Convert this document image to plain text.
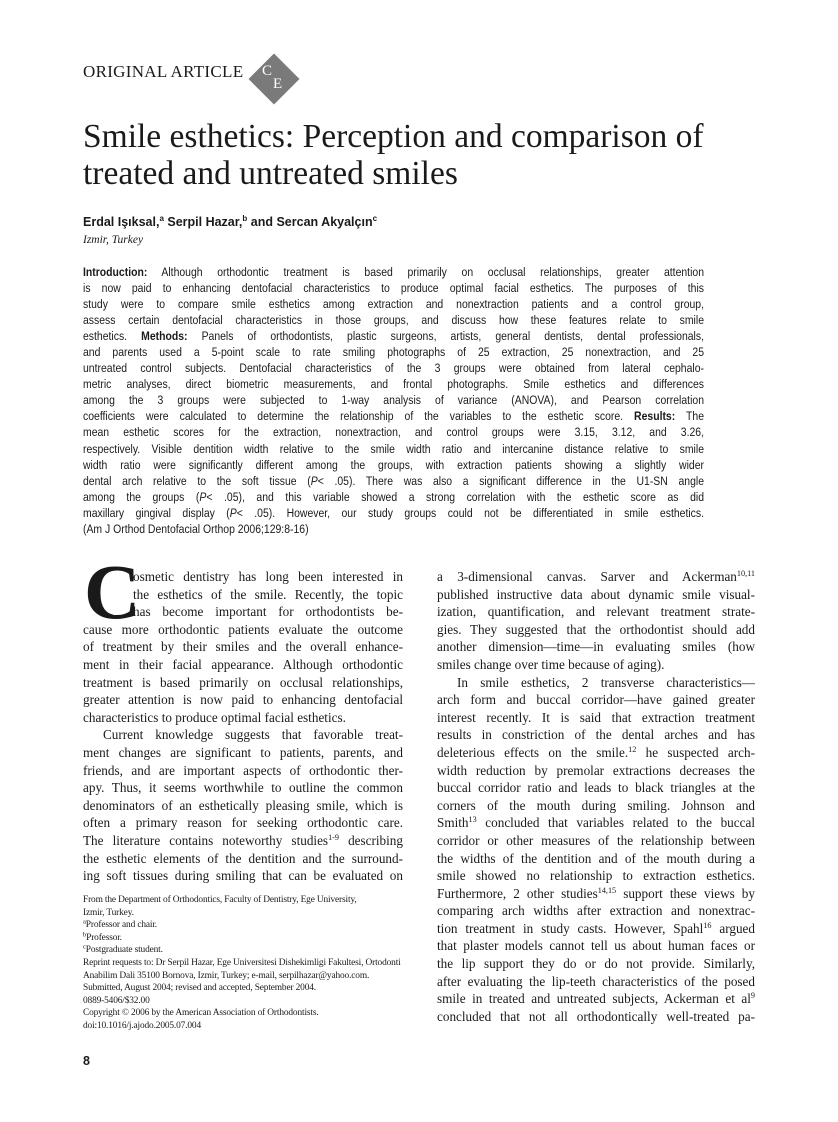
ORIGINAL ARTICLE C
E
Smile esthetics: Perception and comparison of
treated and untreated smiles
Erdal Işıksal,$^a$ Serpil Hazar,$^b$ and Sercan Akyalçın$^c$
Izmir, Turkey
Introduction: Although orthodontic treatment is based primarily on occlusal relationships, greater attention
is now paid to enhancing dentofacial characteristics to produce optimal facial esthetics. The purposes of this
study were to compare smile esthetics among extraction and nonextraction patients and a control group,
assess certain dentofacial characteristics in those groups, and discuss how these features relate to smile
esthetics. Methods: Panels of orthodontists, plastic surgeons, artists, general dentists, dental professionals,
and parents used a 5-point scale to rate smiling photographs of 25 extraction, 25 nonextraction, and 25
untreated control subjects. Dentofacial characteristics of the 3 groups were obtained from lateral cephalo-
metric analyses, direct biometric measurements, and frontal photographs. Smile esthetics and differences
among the 3 groups were subjected to 1-way analysis of variance (ANOVA), and Pearson correlation
coefficients were calculated to determine the relationship of the variables to the esthetic score. Results: The
mean esthetic scores for the extraction, nonextraction, and control groups were 3.15, 3.12, and 3.26,
respectively. Visible dentition width relative to the smile width ratio and intercanine distance relative to smile
width ratio were significantly different among the groups, with extraction patients showing a slightly wider
dental arch relative to the soft tissue (P< .05). There was also a significant difference in the U1-SN angle
among the groups (P< .05), and this variable showed a strong correlation with the esthetic score as did
maxillary gingival display (P< .05). However, our study groups could not be differentiated in smile esthetics.
(Am J Orthod Dentofacial Orthop 2006;129:8-16)
C
osmetic dentistry has long been interested in
the esthetics of the smile. Recently, the topic
has become important for orthodontists be-
cause more orthodontic patients evaluate the outcome
of treatment by their smiles and the overall enhance-
ment in their facial appearance. Although orthodontic
treatment is based primarily on occlusal relationships,
greater attention is now paid to enhancing dentofacial
characteristics to produce optimal facial esthetics.
Current knowledge suggests that favorable treat-
ment changes are significant to patients, parents, and
friends, and are important aspects of orthodontic ther-
apy. Thus, it seems worthwhile to outline the common
denominators of an esthetically pleasing smile, which is
often a primary reason for seeking orthodontic care.
The literature contains noteworthy studies$^{1-9}$ describing
the esthetic elements of the dentition and the surround-
ing soft tissues during smiling that can be evaluated on
a 3-dimensional canvas. Sarver and Ackerman$^{10,11}$
published instructive data about dynamic smile visual-
ization, quantification, and relevant treatment strate-
gies. They suggested that the orthodontist should add
another dimension—time—in evaluating smiles (how
smiles change over time because of aging).
In smile esthetics, 2 transverse characteristics—
arch form and buccal corridor—have gained greater
interest recently. It is said that extraction treatment
results in constriction of the dental arches and has
deleterious effects on the smile.$^{12}$ he suspected arch-
width reduction by premolar extractions decreases the
buccal corridor ratio and leads to black triangles at the
corners of the mouth during smiling. Johnson and
Smith$^{13}$ concluded that variables related to the buccal
corridor or other measures of the relationship between
the widths of the dentition and of the mouth during a
smile showed no relationship to extraction esthetics.
Furthermore, 2 other studies$^{14,15}$ support these views by
comparing arch widths after extraction and nonextrac-
tion treatment in study casts. However, Spahl$^{16}$ argued
that plaster models cannot tell us about human faces or
the lip support they do or do not provide. Similarly,
after evaluating the lip-teeth characteristics of the posed
smile in treated and untreated subjects, Ackerman et $al^9$
concluded that not all orthodontically well-treated pa-
From the Department of Orthodontics, Faculty of Dentistry, Ege University,
Izmir, Turkey.
$^a$Professor and chair.
$^b$Professor.
$^c$Postgraduate student.
Reprint requests to: Dr Serpil Hazar, Ege Universitesi Dishekimligi Fakultesi, Ortodonti
Anabilim Dali 35100 Bornova, Izmir, Turkey; e-mail, serpilhazar@yahoo.com.
Submitted, August 2004; revised and accepted, September 2004.
0889-5406/$32.00
Copyright © 2006 by the American Association of Orthodontists.
doi:10.1016/j.ajodo.2005.07.004
8
